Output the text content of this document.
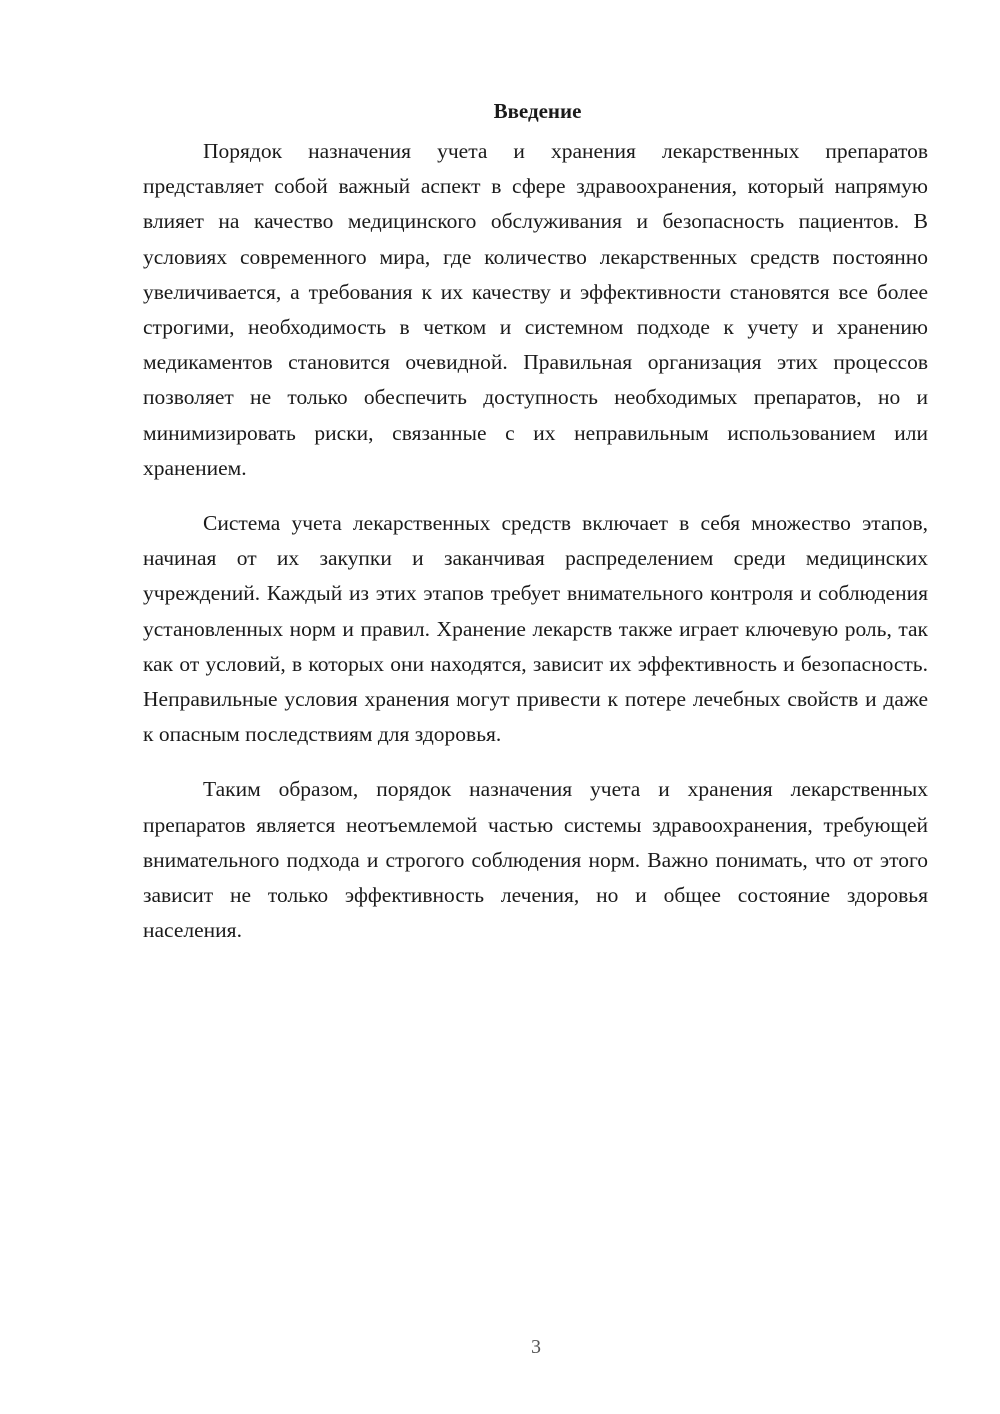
Введение

Порядок назначения учета и хранения лекарственных препаратов представляет собой важный аспект в сфере здравоохранения, который напрямую влияет на качество медицинского обслуживания и безопасность пациентов. В условиях современного мира, где количество лекарственных средств постоянно увеличивается, а требования к их качеству и эффективности становятся все более строгими, необходимость в четком и системном подходе к учету и хранению медикаментов становится очевидной. Правильная организация этих процессов позволяет не только обеспечить доступность необходимых препаратов, но и минимизировать риски, связанные с их неправильным использованием или хранением.

Система учета лекарственных средств включает в себя множество этапов, начиная от их закупки и заканчивая распределением среди медицинских учреждений. Каждый из этих этапов требует внимательного контроля и соблюдения установленных норм и правил. Хранение лекарств также играет ключевую роль, так как от условий, в которых они находятся, зависит их эффективность и безопасность. Неправильные условия хранения могут привести к потере лечебных свойств и даже к опасным последствиям для здоровья.

Таким образом, порядок назначения учета и хранения лекарственных препаратов является неотъемлемой частью системы здравоохранения, требующей внимательного подхода и строгого соблюдения норм. Важно понимать, что от этого зависит не только эффективность лечения, но и общее состояние здоровья населения.

3
